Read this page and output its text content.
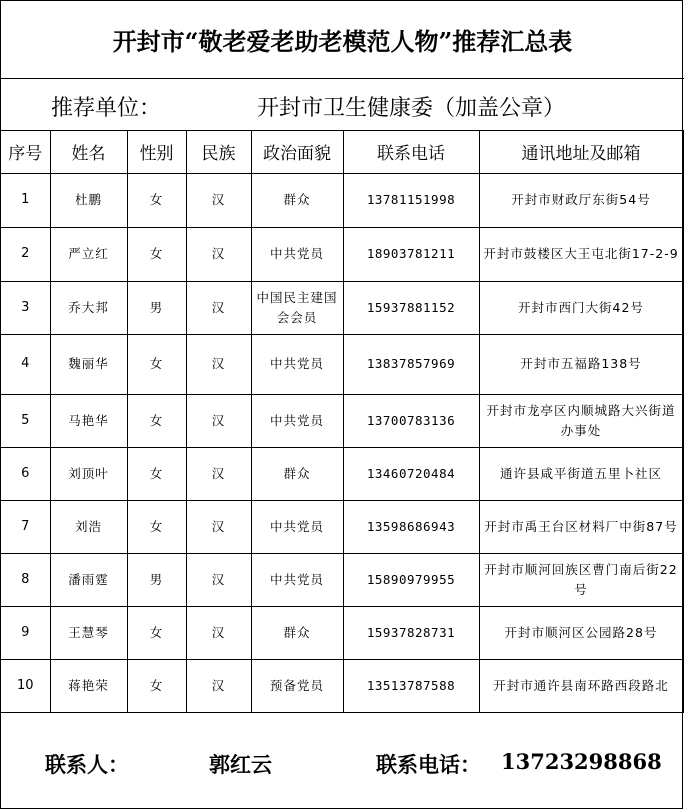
开封市“敬老爱老助老模范人物”推荐汇总表
推荐单位：	开封市卫生健康委（加盖公章）
序号	姓名	性别	民族	政治面貌	联系电话	通讯地址及邮箱
1	杜鹏	女	汉	群众	13781151998	开封市财政厅东街54号
2	严立红	女	汉	中共党员	18903781211	开封市鼓楼区大王屯北街17-2-9
3	乔大邦	男	汉	中国民主建国会会员	15937881152	开封市西门大街42号
4	魏丽华	女	汉	中共党员	13837857969	开封市五福路138号
5	马艳华	女	汉	中共党员	13700783136	开封市龙亭区内顺城路大兴街道办事处
6	刘顶叶	女	汉	群众	13460720484	通许县咸平街道五里卜社区
7	刘浩	女	汉	中共党员	13598686943	开封市禹王台区材料厂中街87号
8	潘雨霆	男	汉	中共党员	15890979955	开封市顺河回族区曹门南后街22号
9	王慧琴	女	汉	群众	15937828731	开封市顺河区公园路28号
10	蒋艳荣	女	汉	预备党员	13513787588	开封市通许县南环路西段路北
联系人：	郭红云	联系电话： 13723298868
